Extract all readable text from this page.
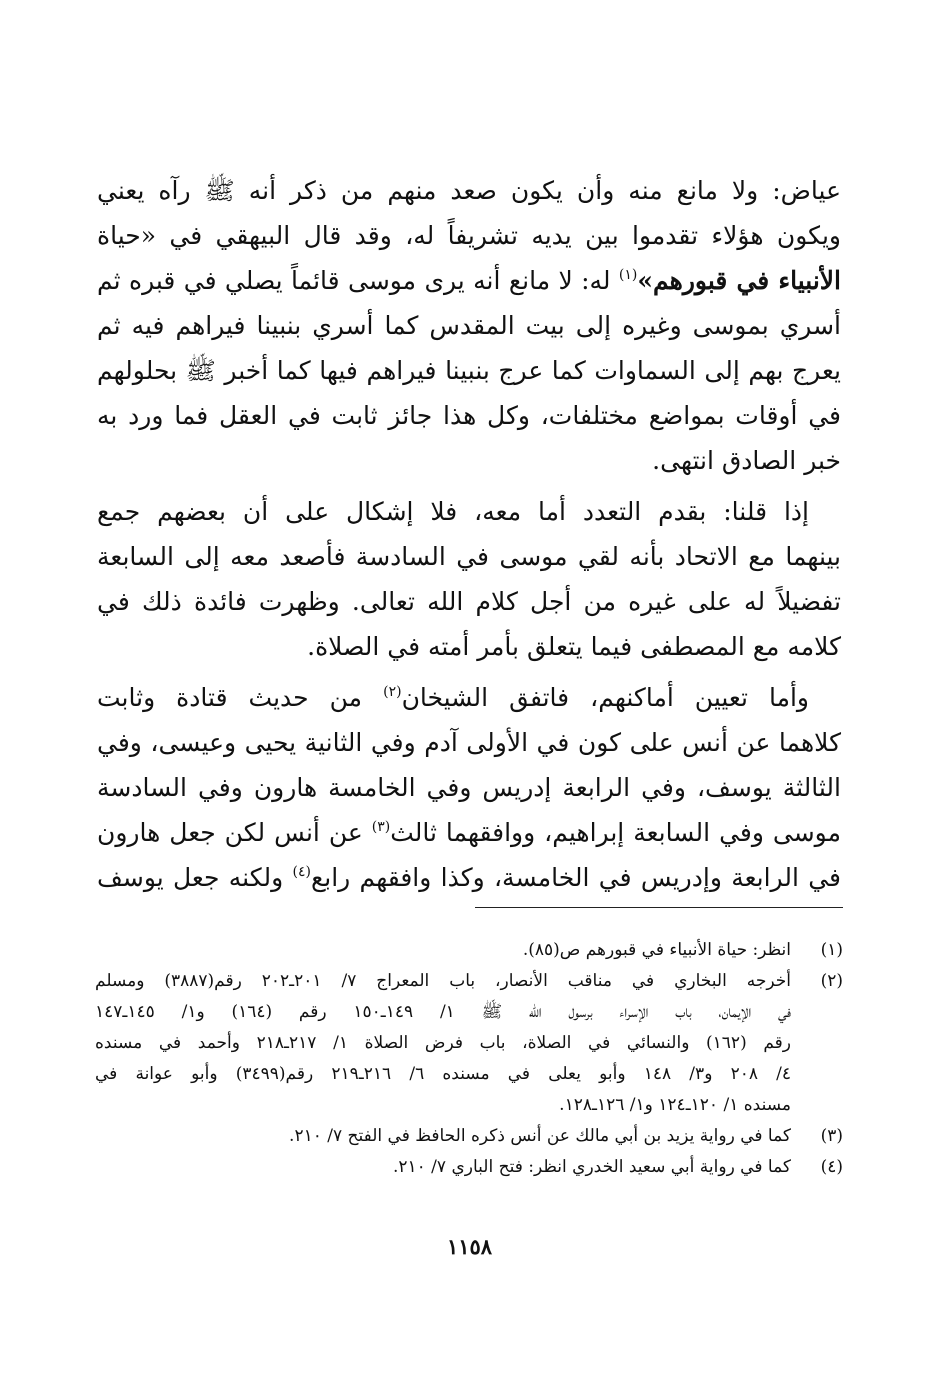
عياض: ولا مانع منه وأن يكون صعد منهم من ذكر أنه ﷺ رآه يعني
ويكون هؤلاء تقدموا بين يديه تشريفاً له، وقد قال البيهقي في «حياة
الأنبياء في قبورهم»$^{(١)}$ له: لا مانع أنه يرى موسى قائماً يصلي في قبره ثم
أسري بموسى وغيره إلى بيت المقدس كما أسري بنبينا فيراهم فيه ثم
يعرج بهم إلى السماوات كما عرج بنبينا فيراهم فيها كما أخبر ﷺ بحلولهم
في أوقات بمواضع مختلفات، وكل هذا جائز ثابت في العقل فما ورد به
خبر الصادق انتهى.

إذا قلنا: بقدم التعدد أما معه، فلا إشكال على أن بعضهم جمع
بينهما مع الاتحاد بأنه لقي موسى في السادسة فأصعد معه إلى السابعة
تفضيلاً له على غيره من أجل كلام الله تعالى. وظهرت فائدة ذلك في
كلامه مع المصطفى فيما يتعلق بأمر أمته في الصلاة.

وأما تعيين أماكنهم، فاتفق الشيخان$^{(٢)}$ من حديث قتادة وثابت
كلاهما عن أنس على كون في الأولى آدم وفي الثانية يحيى وعيسى، وفي
الثالثة يوسف، وفي الرابعة إدريس وفي الخامسة هارون وفي السادسة
موسى وفي السابعة إبراهيم، ووافقهما ثالث$^{(٣)}$ عن أنس لكن جعل هارون
في الرابعة وإدريس في الخامسة، وكذا وافقهم رابع$^{(٤)}$ ولكنه جعل يوسف

(١)
انظر: حياة الأنبياء في قبورهم ص(٨٥).
(٢)
أخرجه البخاري في مناقب الأنصار، باب المعراج ٧/ ٢٠١ـ٢٠٢ رقم(٣٨٨٧) ومسلم
في الإيمان، باب الإسراء برسول الله ﷺ ١/ ١٤٩ـ١٥٠ رقم (١٦٤) و١/ ١٤٥ـ١٤٧
رقم (١٦٢) والنسائي في الصلاة، باب فرض الصلاة ١/ ٢١٧ـ٢١٨ وأحمد في مسنده
٤/ ٢٠٨ و٣/ ١٤٨ وأبو يعلى في مسنده ٦/ ٢١٦ـ٢١٩ رقم(٣٤٩٩) وأبو عوانة في
مسنده ١/ ١٢٠ـ١٢٤ و١/ ١٢٦ـ١٢٨.
(٣)
كما في رواية يزيد بن أبي مالك عن أنس ذكره الحافظ في الفتح ٧/ ٢١٠.
(٤)
كما في رواية أبي سعيد الخدري انظر: فتح الباري ٧/ ٢١٠.
١١٥٨
